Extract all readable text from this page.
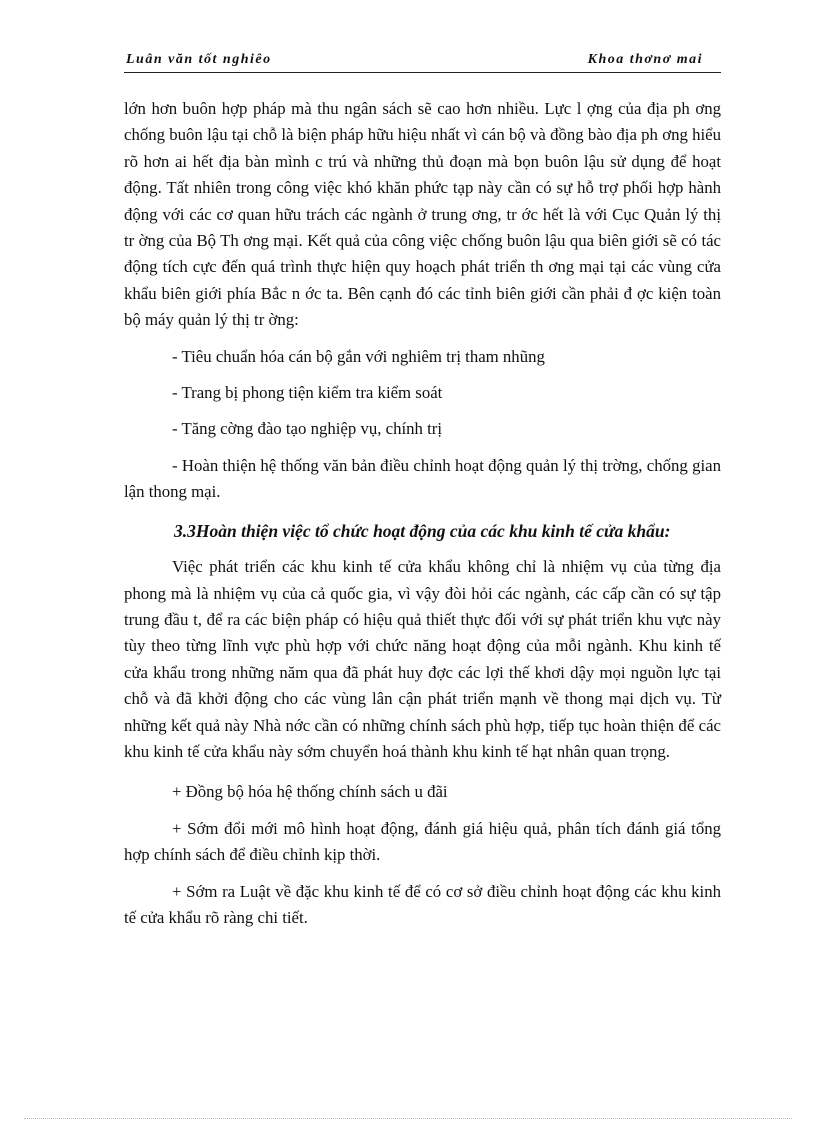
Luân văn tốt nghiêo	Khoa thơnơ mai

lớn hơn buôn hợp pháp mà thu ngân sách sẽ cao hơn nhiều. Lực l ợng của địa ph ơng chống buôn lậu tại chỗ là biện pháp hữu hiệu nhất vì cán bộ và đồng bào địa ph ơng hiểu rõ hơn ai hết địa bàn mình c trú và những thủ đoạn mà bọn buôn lậu sử dụng để hoạt động. Tất nhiên trong công việc khó khăn phức tạp này cần có sự hỗ trợ phối hợp hành động với các cơ quan hữu trách các ngành ở trung ơng, tr ớc hết là với Cục Quản lý thị tr ờng của Bộ Th ơng mại. Kết quả của công việc chống buôn lậu qua biên giới sẽ có tác động tích cực đến quá trình thực hiện quy hoạch phát triển th ơng mại tại các vùng cửa khẩu biên giới phía Bắc n ớc ta. Bên cạnh đó các tỉnh biên giới cần phải đ ợc kiện toàn bộ máy quản lý thị tr ờng:

- Tiêu chuẩn hóa cán bộ gắn với nghiêm trị tham nhũng

- Trang bị phong tiện kiểm tra kiểm soát

- Tăng cờng đào tạo nghiệp vụ, chính trị

- Hoàn thiện hệ thống văn bản điều chỉnh hoạt động quản lý thị trờng, chống gian lận thong mại.

3.3Hoàn thiện việc tổ chức hoạt động của các khu kinh tế cửa khẩu:

Việc phát triển các khu kinh tế cửa khẩu không chỉ là nhiệm vụ của từng địa phong mà là nhiệm vụ của cả quốc gia, vì vậy đòi hỏi các ngành, các cấp cần có sự tập trung đầu t, để ra các biện pháp có hiệu quả thiết thực đối với sự phát triển khu vực này tùy theo từng lĩnh vực phù hợp với chức năng hoạt động của mỗi ngành. Khu kinh tế cửa khẩu trong những năm qua đã phát huy đợc các lợi thế khơi dậy mọi nguồn lực tại chỗ và đã khởi động cho các vùng lân cận phát triển mạnh về thong mại dịch vụ. Từ những kết quả này Nhà nớc cần có những chính sách phù hợp, tiếp tục hoàn thiện để các khu kinh tế cửa khẩu này sớm chuyển hoá thành khu kinh tế hạt nhân quan trọng.

+ Đồng bộ hóa hệ thống chính sách u đãi

+ Sớm đổi mới mô hình hoạt động, đánh giá hiệu quả, phân tích đánh giá tổng hợp chính sách để điều chỉnh kịp thời.

+ Sớm ra Luật về đặc khu kinh tế để có cơ sở điều chỉnh hoạt động các khu kinh tế cửa khẩu rõ ràng chi tiết.
